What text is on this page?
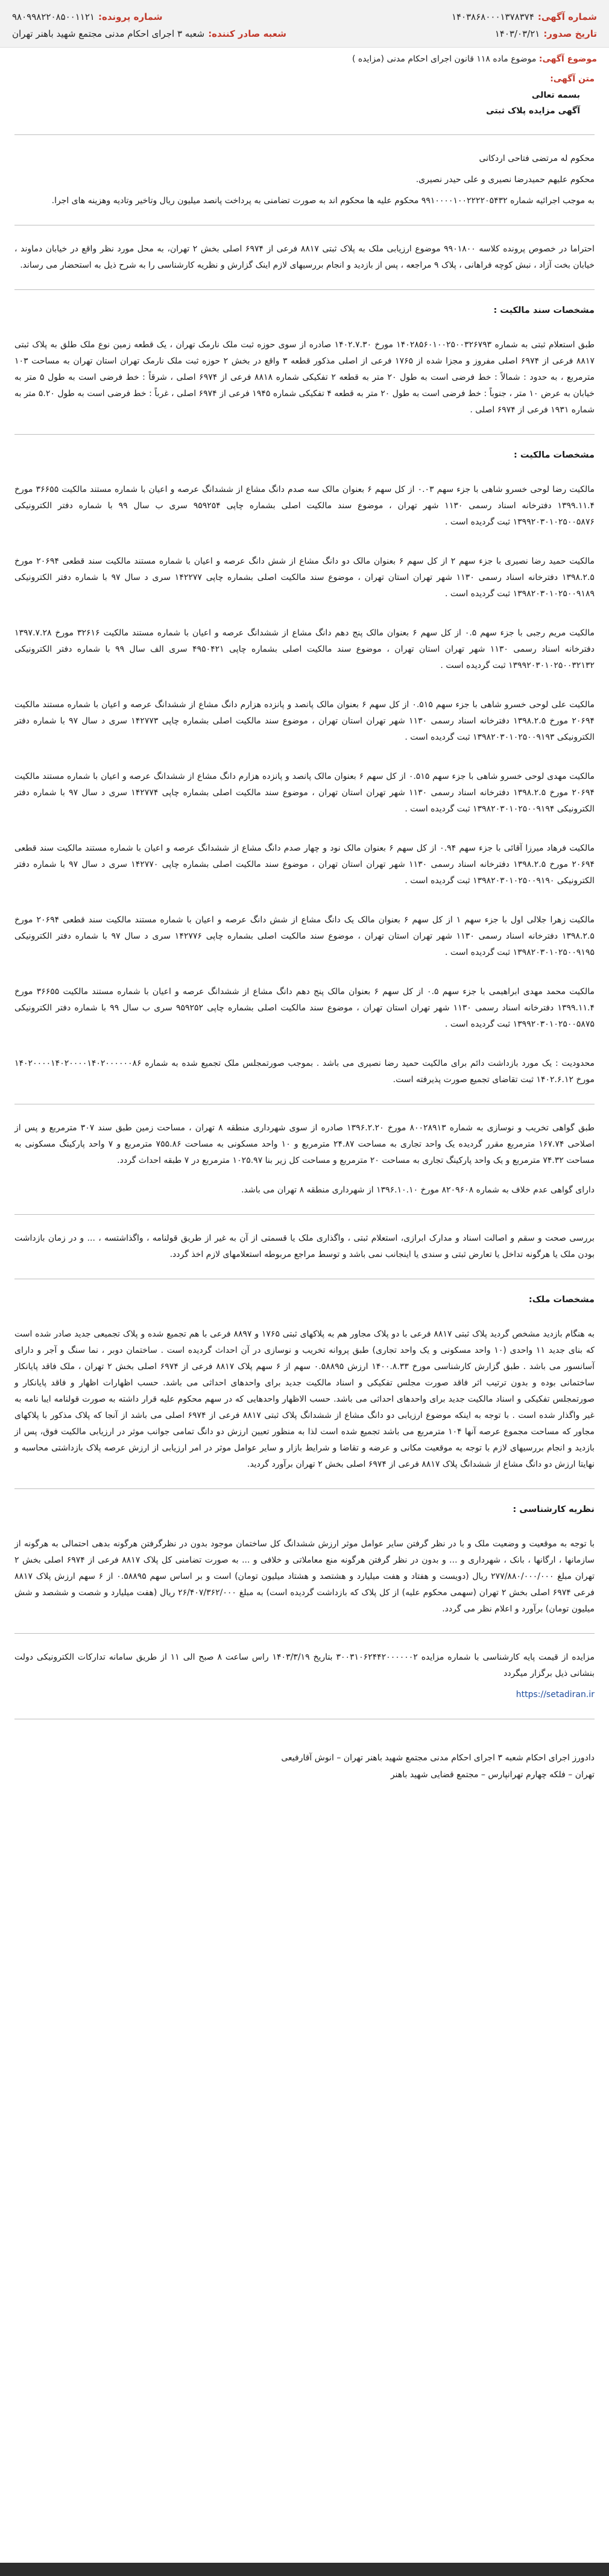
شماره آگهی:
۱۴۰۳۸۶۸۰۰۰۱۳۷۸۳۷۴
شماره پرونده:
۹۸۰۹۹۸۲۲۰۸۵۰۰۱۱۲۱
تاریخ صدور:
۱۴۰۳/۰۳/۲۱
شعبه صادر کننده:
شعبه ۳ اجرای احکام مدنی مجتمع شهید باهنر تهران
موضوع آگهی: موضوع ماده ۱۱۸ قانون اجرای احکام مدنی (مزایده )
متن آگهی:
بسمه تعالی
آگهی مزایده پلاک ثبتی

محکوم له مرتضی فتاحی اردکانی

محکوم علیهم حمیدرضا نصیری و علی حیدر نصیری.

به موجب اجرائیه شماره ۹۹۱۰۰۰۰۱۰۰۲۲۲۲۰۵۴۳۲ محکوم علیه ها محکوم اند به صورت تضامنی به پرداخت پانصد میلیون ریال وتاخیر وتادیه وهزینه های اجرا.

احتراما در خصوص پرونده کلاسه ۹۹۰۱۸۰۰ موضوع ارزیابی ملک به پلاک ثبتی ۸۸۱۷ فرعی از ۶۹۷۴ اصلی بخش ۲ تهران، به محل مورد نظر واقع در خیابان دماوند ، خیابان بخت آزاد ، نبش کوچه فراهانی ، پلاک ۹ مراجعه ، پس از بازدید و انجام بررسیهای لازم اینک گزارش و نظریه کارشناسی را به شرح ذیل به استحضار می رساند.

مشخصات سند مالکیت :

طبق استعلام ثبتی به شماره ۱۴۰۲۸۵۶۰۱۰۰۲۵۰۰۳۲۶۷۹۳ مورخ ۱۴۰۲.۷.۳۰ صادره از سوی حوزه ثبت ملک نارمک تهران ، یک قطعه زمین نوع ملک طلق به پلاک ثبتی ۸۸۱۷ فرعی از ۶۹۷۴ اصلی مفروز و مجزا شده از ۱۷۶۵ فرعی از اصلی مذکور قطعه ۳ واقع در بخش ۲ حوزه ثبت ملک نارمک تهران استان تهران به مساحت ۱۰۳ مترمربع ، به حدود : شمالاً : خط فرضی است به طول ۲۰ متر به قطعه ۲ تفکیکی شماره ۸۸۱۸ فرعی از ۶۹۷۴ اصلی ، شرقاً : خط فرضی است به طول ۵ متر به خیابان به عرض ۱۰ متر ، جنوباً : خط فرضی است به طول ۲۰ متر به قطعه ۴ تفکیکی شماره ۱۹۴۵ فرعی از ۶۹۷۴ اصلی ، غرباً : خط فرضی است به طول ۵.۲۰ متر به شماره ۱۹۳۱ فرعی از ۶۹۷۴ اصلی .

مشخصات مالکیت :

مالکیت رضا لوحی خسرو شاهی با جزء سهم ۰.۰۳ از کل سهم ۶ بعنوان مالک سه صدم دانگ مشاع از ششدانگ عرصه و اعیان با شماره مستند مالکیت ۳۶۶۵۵ مورخ ۱۳۹۹.۱۱.۴ دفترخانه اسناد رسمی ۱۱۳۰ شهر تهران ، موضوع سند مالکیت اصلی بشماره چاپی ۹۵۹۲۵۴ سری ب سال ۹۹ با شماره دفتر الکترونیکی ۱۳۹۹۲۰۳۰۱۰۲۵۰۰۵۸۷۶ ثبت گردیده است .

مالکیت حمید رضا نصیری با جزء سهم ۲ از کل سهم ۶ بعنوان مالک دو دانگ مشاع از شش دانگ عرصه و اعیان با شماره مستند مالکیت سند قطعی ۲۰۶۹۴ مورخ ۱۳۹۸.۲.۵ دفترخانه اسناد رسمی ۱۱۳۰ شهر تهران استان تهران ، موضوع سند مالکیت اصلی بشماره چاپی ۱۴۲۲۷۷ سری د سال ۹۷ با شماره دفتر الکترونیکی ۱۳۹۸۲۰۳۰۱۰۲۵۰۰۹۱۸۹ ثبت گردیده است .

مالکیت مریم رجبی با جزء سهم ۰.۵ از کل سهم ۶ بعنوان مالک پنج دهم دانگ مشاع از ششدانگ عرصه و اعیان با شماره مستند مالکیت ۳۲۶۱۶ مورخ ۱۳۹۷.۷.۲۸ دفترخانه اسناد رسمی ۱۱۳۰ شهر تهران استان تهران ، موضوع سند مالکیت اصلی بشماره چاپی ۴۹۵۰۴۲۱ سری الف سال ۹۹ با شماره دفتر الکترونیکی ۱۳۹۹۲۰۳۰۱۰۲۵۰۰۳۲۱۳۲ ثبت گردیده است .

مالکیت علی لوحی خسرو شاهی با جزء سهم ۰.۵۱۵ از کل سهم ۶ بعنوان مالک پانصد و پانزده هزارم دانگ مشاع از ششدانگ عرصه و اعیان با شماره مستند مالکیت ۲۰۶۹۴ مورخ ۱۳۹۸.۲.۵ دفترخانه اسناد رسمی ۱۱۳۰ شهر تهران استان تهران ، موضوع سند مالکیت اصلی بشماره چاپی ۱۴۲۷۷۳ سری د سال ۹۷ با شماره دفتر الکترونیکی ۱۳۹۸۲۰۳۰۱۰۲۵۰۰۹۱۹۳ ثبت گردیده است .

مالکیت مهدی لوحی خسرو شاهی با جزء سهم ۰.۵۱۵ از کل سهم ۶ بعنوان مالک پانصد و پانزده هزارم دانگ مشاع از ششدانگ عرصه و اعیان با شماره مستند مالکیت ۲۰۶۹۴ مورخ ۱۳۹۸.۲.۵ دفترخانه اسناد رسمی ۱۱۳۰ شهر تهران استان تهران ، موضوع سند مالکیت اصلی بشماره چاپی ۱۴۲۷۷۴ سری د سال ۹۷ با شماره دفتر الکترونیکی ۱۳۹۸۲۰۳۰۱۰۲۵۰۰۹۱۹۴ ثبت گردیده است .

مالکیت فرهاد میرزا آقائی با جزء سهم ۰.۹۴ از کل سهم ۶ بعنوان مالک نود و چهار صدم دانگ مشاع از ششدانگ عرصه و اعیان با شماره مستند مالکیت سند قطعی ۲۰۶۹۴ مورخ ۱۳۹۸.۲.۵ دفترخانه اسناد رسمی ۱۱۳۰ شهر تهران استان تهران ، موضوع سند مالکیت اصلی بشماره چاپی ۱۴۲۷۷۰ سری د سال ۹۷ با شماره دفتر الکترونیکی ۱۳۹۸۲۰۳۰۱۰۲۵۰۰۹۱۹۰ ثبت گردیده است .

مالکیت زهرا جلالی اول با جزء سهم ۱ از کل سهم ۶ بعنوان مالک یک دانگ مشاع از شش دانگ عرصه و اعیان با شماره مستند مالکیت سند قطعی ۲۰۶۹۴ مورخ ۱۳۹۸.۲.۵ دفترخانه اسناد رسمی ۱۱۳۰ شهر تهران استان تهران ، موضوع سند مالکیت اصلی بشماره چاپی ۱۴۲۷۷۶ سری د سال ۹۷ با شماره دفتر الکترونیکی ۱۳۹۸۲۰۳۰۱۰۲۵۰۰۹۱۹۵ ثبت گردیده است .

مالکیت محمد مهدی ابراهیمی با جزء سهم ۰.۵ از کل سهم ۶ بعنوان مالک پنج دهم دانگ مشاع از ششدانگ عرصه و اعیان با شماره مستند مالکیت ۳۶۶۵۵ مورخ ۱۳۹۹.۱۱.۴ دفترخانه اسناد رسمی ۱۱۳۰ شهر تهران استان تهران ، موضوع سند مالکیت اصلی بشماره چاپی ۹۵۹۲۵۲ سری ب سال ۹۹ با شماره دفتر الکترونیکی ۱۳۹۹۲۰۳۰۱۰۲۵۰۰۵۸۷۵ ثبت گردیده است .

محدودیت : یک مورد بازداشت دائم برای مالکیت حمید رضا نصیری می باشد . بموجب صورتمجلس ملک تجمیع شده به شماره ۱۴۰۲۰۰۰۰۱۴۰۲۰۰۰۰۱۴۰۲۰۰۰۰۰۰۸۶ مورخ ۱۴۰۲.۶.۱۲ ثبت تقاضای تجمیع صورت پذیرفته است.

طبق گواهی تخریب و نوسازی به شماره ۸۰۰۲۸۹۱۳ مورخ ۱۳۹۶.۲.۲۰ صادره از سوی شهرداری منطقه ۸ تهران ، مساحت زمین طبق سند ۳۰۷ مترمربع و پس از اصلاحی ۱۶۷.۷۴ مترمربع مقرر گردیده یک واحد تجاری به مساحت ۲۴.۸۷ مترمربع و ۱۰ واحد مسکونی به مساحت ۷۵۵.۸۶ مترمربع و ۷ واحد پارکینگ مسکونی به مساحت ۷۴.۳۲ مترمربع و یک واحد پارکینگ تجاری به مساحت ۲۰ مترمربع و مساحت کل زیر بنا ۱۰۲۵.۹۷ مترمربع در ۷ طبقه احداث گردد.

دارای گواهی عدم خلاف به شماره ۸۲۰۹۶۰۸ مورخ ۱۳۹۶.۱۰.۱۰ از شهرداری منطقه ۸ تهران می باشد.

بررسی صحت و سقم و اصالت اسناد و مدارک ابرازی، استعلام ثبتی ، واگذاری ملک یا قسمتی از آن به غیر از طریق قولنامه ، واگذاشتسه ، ... و در زمان بازداشت بودن ملک یا هرگونه تداخل یا تعارض ثبتی و سندی یا اینجانب نمی باشد و توسط مراجع مربوطه استعلامهای لازم اخذ گردد.

مشخصات ملک:

به هنگام بازدید مشخص گردید پلاک ثبتی ۸۸۱۷ فرعی با دو پلاک مجاور هم به پلاکهای ثبتی ۱۷۶۵ و ۸۸۹۷ فرعی با هم تجمیع شده و پلاک تجمیعی جدید صادر شده است که بنای جدید ۱۱ واحدی (۱۰ واحد مسکونی و یک واحد تجاری) طبق پروانه تخریب و نوسازی در آن احداث گردیده است . ساختمان دوبر ، نما سنگ و آجر و دارای آسانسور می باشد . طبق گزارش کارشناسی مورخ ۱۴۰۰.۸.۳۳ ارزش ۰.۵۸۸۹۵ سهم از ۶ سهم پلاک ۸۸۱۷ فرعی از ۶۹۷۴ اصلی بخش ۲ تهران ، ملک فاقد پایانکار ساختمانی بوده و بدون ترتیب اثر فاقد صورت مجلس تفکیکی و اسناد مالکیت جدید برای واحدهای احداثی می باشد. حسب اظهارات اظهار و فاقد پایانکار و صورتمجلس تفکیکی و اسناد مالکیت جدید برای واحدهای احداثی می باشد. حسب الاظهار واحدهایی که در سهم محکوم علیه قرار داشته به صورت قولنامه ایبا نامه به غیر واگذار شده است . با توجه به اینکه موضوع ارزیابی دو دانگ مشاع از ششدانگ پلاک ثبتی ۸۸۱۷ فرعی از ۶۹۷۴ اصلی می باشد از آنجا که پلاک مذکور با پلاکهای مجاور که مساحت مجموع عرصه آنها ۱۰۴ مترمربع می باشد تجمیع شده است لذا به منظور تعیین ارزش دو دانگ تمامی جوانب موثر در ارزیابی مالکیت فوق، پس از بازدید و انجام بررسیهای لازم با توجه به موقعیت مکانی و عرضه و تقاضا و شرایط بازار و سایر عوامل موثر در امر ارزیابی از ارزش عرصه پلاک بازداشتی محاسبه و نهایتا ارزش دو دانگ مشاع از ششدانگ پلاک ۸۸۱۷ فرعی از ۶۹۷۴ اصلی بخش ۲ تهران برآورد گردید.

نظریه کارشناسی :

با توجه به موقعیت و وضعیت ملک و با در نظر گرفتن سایر عوامل موثر ارزش ششدانگ کل ساختمان موجود بدون در نظرگرفتن هرگونه بدهی احتمالی به هرگونه از سازمانها ، ارگانها ، بانک ، شهرداری و ... و بدون در نظر گرفتن هرگونه منع معاملاتی و خلافی و ... به صورت تضامنی کل پلاک ۸۸۱۷ فرعی از ۶۹۷۴ اصلی بخش ۲ تهران مبلغ ۲۷۷/۸۸۰/۰۰۰/۰۰۰ ریال (دویست و هفتاد و هفت میلیارد و هشتصد و هشتاد میلیون تومان) است و بر اساس سهم ۰.۵۸۸۹۵ از ۶ سهم ارزش پلاک ۸۸۱۷ فرعی ۶۹۷۴ اصلی بخش ۲ تهران (سهمی محکوم علیه) از کل پلاک که بازداشت گردیده است) به مبلغ ۲۶/۴۰۷/۳۶۲/۰۰۰ ریال (هفت میلیارد و شصت و ششصد و شش میلیون تومان) برآورد و اعلام نظر می گردد.

مزایده از قیمت پایه کارشناسی با شماره مزایده ۳۰۰۳۱۰۶۲۴۴۲۰۰۰۰۰۰۲ بتاریخ ۱۴۰۳/۳/۱۹ راس ساعت ۸ صبح الی ۱۱ از طریق سامانه تدارکات الکترونیکی دولت بنشانی ذیل برگزار میگردد

https://setadiran.ir

دادورز اجرای احکام شعبه ۳ اجرای احکام مدنی مجتمع شهید باهنر تهران – انوش آقارفیعی
تهران – فلکه چهارم تهرانپارس – مجتمع قضایی شهید باهنر
